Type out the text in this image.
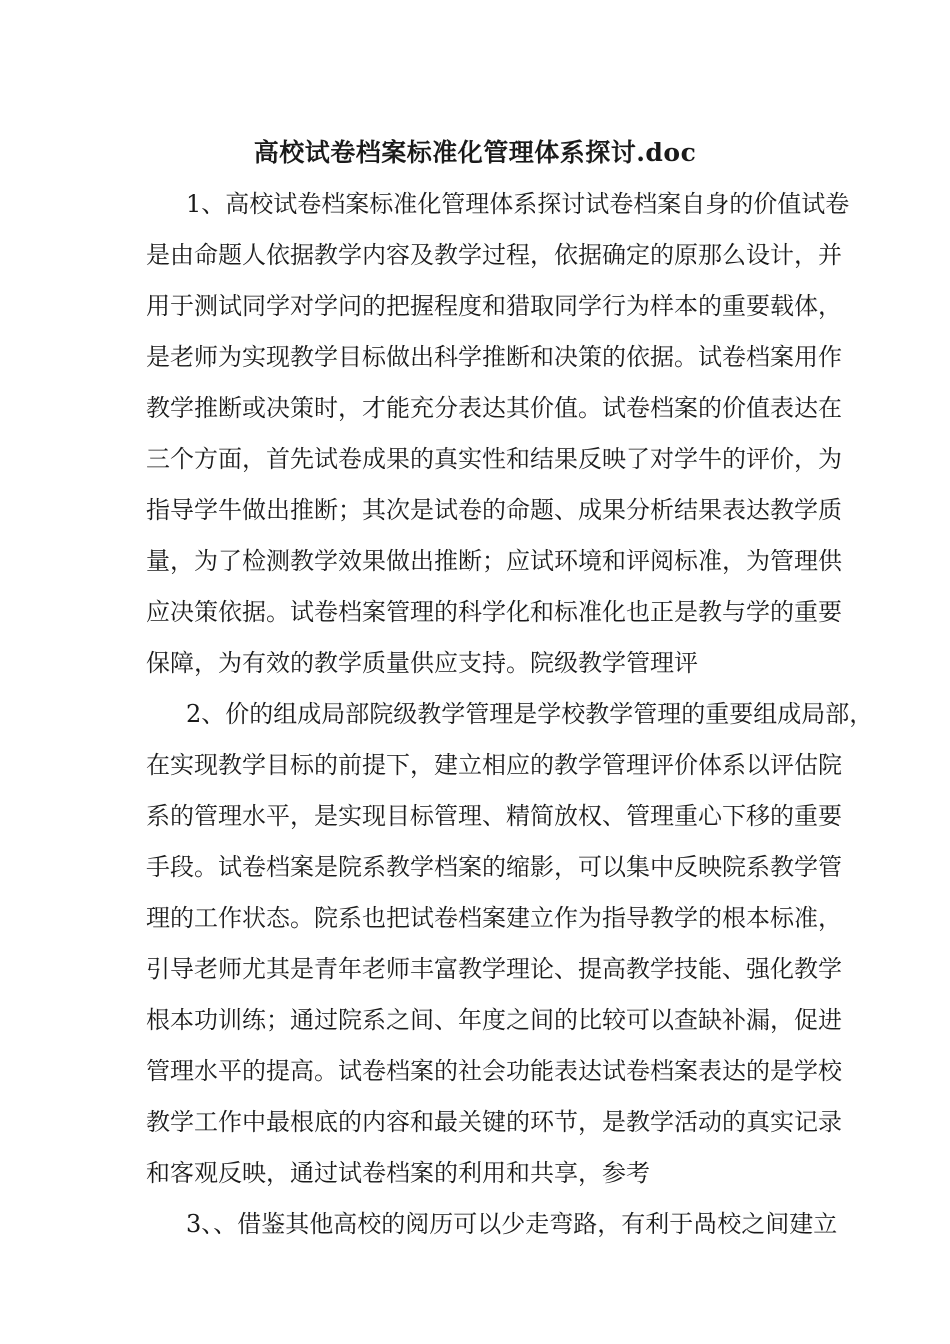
高校试卷档案标准化管理体系探讨.doc

1、高校试卷档案标准化管理体系探讨试卷档案自身的价值试卷

是由命题人依据教学内容及教学过程，依据确定的原那么设计，并

用于测试同学对学问的把握程度和猎取同学行为样本的重要载体，

是老师为实现教学目标做出科学推断和决策的依据。试卷档案用作

教学推断或决策时，才能充分表达其价值。试卷档案的价值表达在

三个方面，首先试卷成果的真实性和结果反映了对学牛的评价，为

指导学牛做出推断；其次是试卷的命题、成果分析结果表达教学质

量，为了检测教学效果做出推断；应试环境和评阅标准，为管理供

应决策依据。试卷档案管理的科学化和标准化也正是教与学的重要

保障，为有效的教学质量供应支持。院级教学管理评

2、价的组成局部院级教学管理是学校教学管理的重要组成局部，

在实现教学目标的前提下，建立相应的教学管理评价体系以评估院

系的管理水平，是实现目标管理、精简放权、管理重心下移的重要

手段。试卷档案是院系教学档案的缩影，可以集中反映院系教学管

理的工作状态。院系也把试卷档案建立作为指导教学的根本标准，

引导老师尤其是青年老师丰富教学理论、提高教学技能、强化教学

根本功训练；通过院系之间、年度之间的比较可以查缺补漏，促进

管理水平的提高。试卷档案的社会功能表达试卷档案表达的是学校

教学工作中最根底的内容和最关键的环节，是教学活动的真实记录

和客观反映，通过试卷档案的利用和共享，参考

3、、借鉴其他高校的阅历可以少走弯路，有利于咼校之间建立
